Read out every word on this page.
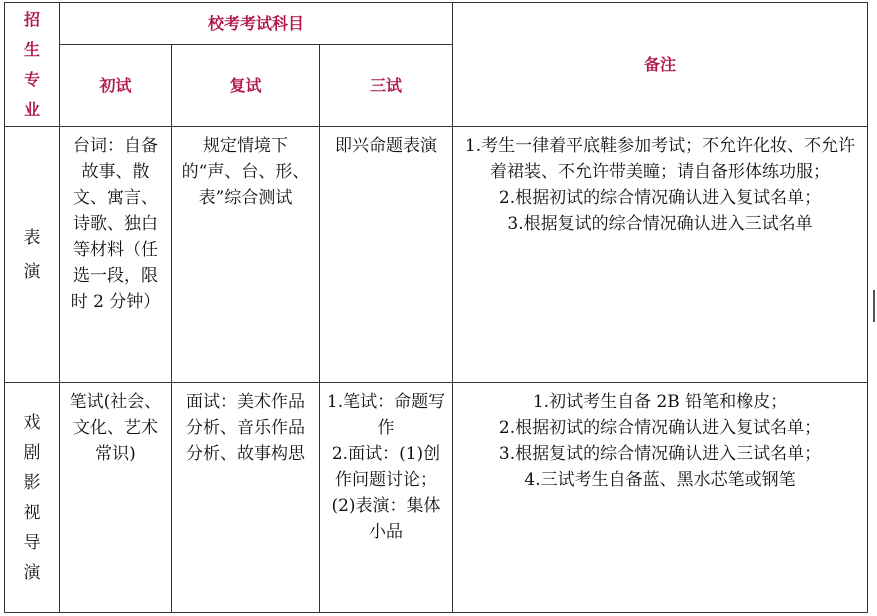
招生专业	校考考试科目			备注
	初试	复试	三试	

表演	台词：自备故事、散文、寓言、诗歌、独白等材料（任选一段，限时 2 分钟）	规定情境下的“声、台、形、表”综合测试	即兴命题表演	1.考生一律着平底鞋参加考试；不允许化妆、不允许着裙装、不允许带美瞳；请自备形体练功服；
2.根据初试的综合情况确认进入复试名单；
3.根据复试的综合情况确认进入三试名单

戏剧影视导演	笔试(社会、文化、艺术常识)	面试：美术作品分析、音乐作品分析、故事构思	1.笔试：命题写作
2.面试：(1)创作问题讨论；(2)表演：集体小品	1.初试考生自备 2B 铅笔和橡皮；
2.根据初试的综合情况确认进入复试名单；
3.根据复试的综合情况确认进入三试名单；
4.三试考生自备蓝、黑水芯笔或钢笔
